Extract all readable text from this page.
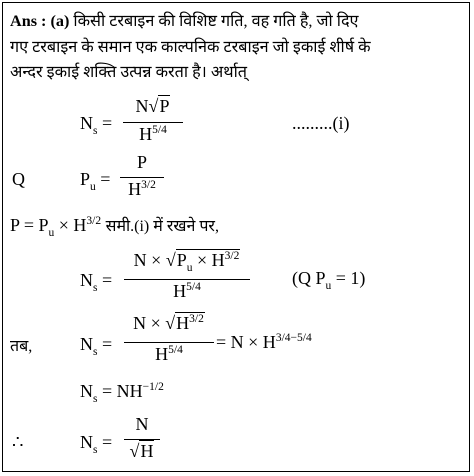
Ans : (a) किसी टरबाइन की विशिष्ट गति, वह गति है, जो दिए
गए टरबाइन के समान एक काल्पनिक टरबाइन जो इकाई शीर्ष के
अन्दर इकाई शक्ति उत्पन्न करता है। अर्थात्
$N_s$ =
N√P
$H^{5/4}$	.........(i)
Q	$P_u$ =
P
$H^{3/2}$
$P = P_u \times H^{3/2}$ समी.(i) में रखने पर,
$N_s$ =
$N \times √P_u \times H^{3/2}$
$H^{5/4}$	(Q $P_u = 1$)
तब,	$N_s$ =
$N \times √H^{3/2}$
$H^{5/4}$	= $N \times H^{3/4-5/4}$
$N_s = NH^{-1/2}$
∴	$N_s$ =
N
√H
